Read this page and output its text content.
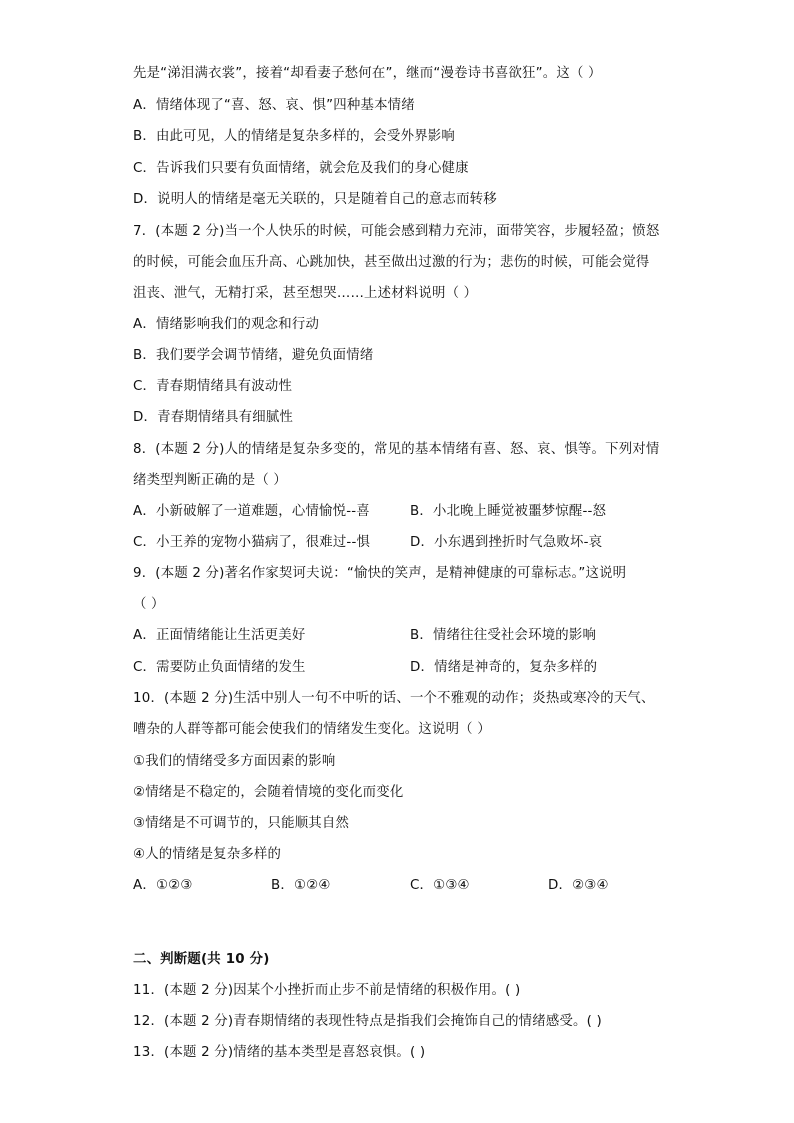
先是“涕泪满衣裳”，接着“却看妻子愁何在”，继而“漫卷诗书喜欲狂”。这（ ）
A．情绪体现了“喜、怒、哀、惧”四种基本情绪
B．由此可见，人的情绪是复杂多样的，会受外界影响
C．告诉我们只要有负面情绪，就会危及我们的身心健康
D．说明人的情绪是毫无关联的，只是随着自己的意志而转移
7．(本题 2 分)当一个人快乐的时候，可能会感到精力充沛，面带笑容，步履轻盈；愤怒
的时候，可能会血压升高、心跳加快，甚至做出过激的行为；悲伤的时候，可能会觉得
沮丧、泄气，无精打采，甚至想哭……上述材料说明（ ）
A．情绪影响我们的观念和行动
B．我们要学会调节情绪，避免负面情绪
C．青春期情绪具有波动性
D．青春期情绪具有细腻性
8．(本题 2 分)人的情绪是复杂多变的，常见的基本情绪有喜、怒、哀、惧等。下列对情
绪类型判断正确的是（ ）
A．小新破解了一道难题，心情愉悦--喜	B．小北晚上睡觉被噩梦惊醒--怒
C．小王养的宠物小猫病了，很难过--惧	D．小东遇到挫折时气急败坏-哀
9．(本题 2 分)著名作家契诃夫说：“愉快的笑声，是精神健康的可靠标志。”这说明
（ ）
A．正面情绪能让生活更美好	B．情绪往往受社会环境的影响
C．需要防止负面情绪的发生	D．情绪是神奇的，复杂多样的
10．(本题 2 分)生活中别人一句不中听的话、一个不雅观的动作；炎热或寒冷的天气、
嘈杂的人群等都可能会使我们的情绪发生变化。这说明（ ）
①我们的情绪受多方面因素的影响
②情绪是不稳定的，会随着情境的变化而变化
③情绪是不可调节的，只能顺其自然
④人的情绪是复杂多样的
A．①②③	B．①②④	C．①③④	D．②③④
二、判断题(共 10 分)
11．(本题 2 分)因某个小挫折而止步不前是情绪的积极作用。( )
12．(本题 2 分)青春期情绪的表现性特点是指我们会掩饰自己的情绪感受。( )
13．(本题 2 分)情绪的基本类型是喜怒哀惧。( )
